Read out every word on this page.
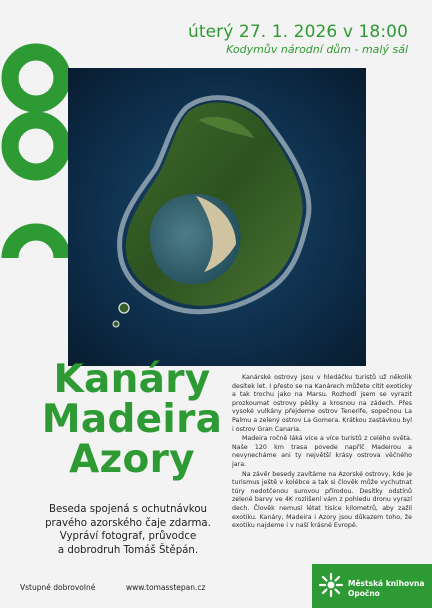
úterý 27. 1. 2026 v 18:00
Kodymův národní dům - malý sál
Kanáry
Madeira
Azory
Beseda spojená s ochutnávkou
pravého azorského čaje zdarma.
Vypráví fotograf, průvodce
a dobrodruh Tomáš Štěpán.

Kanárské ostrovy jsou v hledáčku turistů už několik desítek let. I přesto se na Kanárech můžete cítit exoticky a tak trochu jako na Marsu. Rozhodl jsem se vyrazit prozkoumat ostrovy pěšky a krosnou na zádech. Přes vysoké vulkány přejdeme ostrov Tenerife, sopečnou La Palmu a zelený ostrov La Gomera. Krátkou zastávkou byl i ostrov Gran Canaria.

Madeira ročně láká více a více turistů z celého světa. Naše 120 km trasa povede napříč Madeirou a nevynecháme ani ty největší krásy ostrova věčného jara.

Na závěr besedy zavítáme na Azorské ostrovy, kde je turismus ještě v kolébce a tak si člověk může vychutnat túry nedotčenou surovou přírodou. Desítky odstínů zelené barvy ve 4K rozlišení vám z pohledu dronu vyrazí dech. Člověk nemusí létat tisíce kilometrů, aby zažil exotiku. Kanáry, Madeira i Azory jsou důkazem toho, že exotiku najdeme i v naší krásné Evropě.

Vstupné dobrovolné	www.tomasstepan.cz	Městská knihovna
Opočno
